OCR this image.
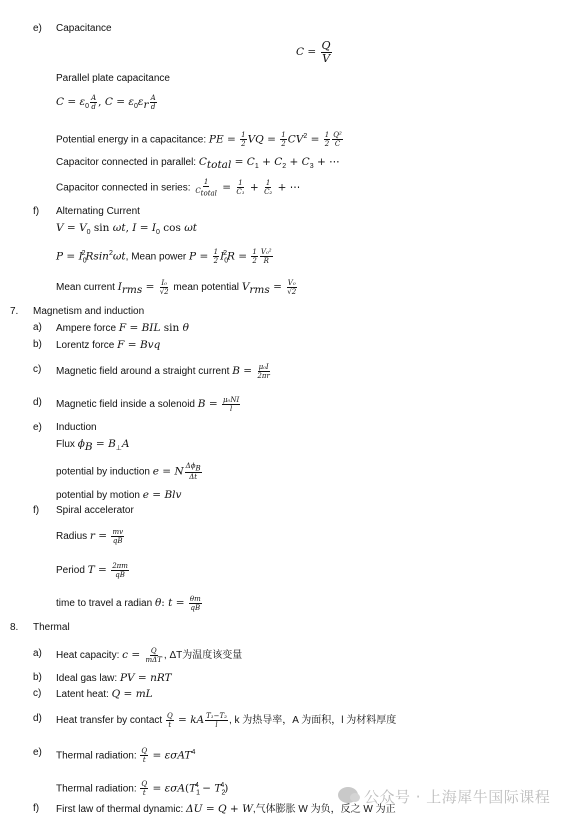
e) Capacitance
$C = \frac{Q}{V}$
Parallel plate capacitance
$C = \varepsilon_0 \frac{A}{d}$ , $C = \varepsilon_0\varepsilon_r \frac{A}{d}$
Potential energy in a capacitance: PE = $\frac{1}{2}$ VQ = $\frac{1}{2} CV^2 = \frac{1}{2} \frac{\text{Q²}}{C}$
Capacitor connected in parallel: $C_{total} = C_1 + C_2 + C_3$ + ⋯
Capacitor connected in series: $\frac{1}{C_{total}} = \frac{1}{\text{C₁}} + \frac{1}{\text{C₂}}$ + ⋯
f) Alternating Current
$V = V_0$ sin ωt, $I = I_0$ cos ωt
$P = I_0^2Rsin^2\omega t$, Mean power $P = \frac{1}{2} I_0^2R = \frac{1}{2} \frac{\text{V₀²}}{R}$
Mean current $I_{rms} = \frac{\text{I₀}}{√2}$ mean potential $V_{rms} = \frac{\text{V₀}}{√2}$
7. Magnetism and induction
a) Ampere force F = BIL sin θ
b) Lorentz force F = Bvq
c) Magnetic field around a straight current $B = \frac{\text{μ₀I}}{2\pi r}$
d) Magnetic field inside a solenoid $B = \frac{\text{μ₀NI}}{l}$
e) Induction
Flux $\phi_B = B_\perp A$
potential by induction e = N $\frac{\Delta\phi_B}{\Delta t}$
potential by motion e = Blv
f) Spiral accelerator
Radius $r = \frac{mv}{qB}$
Period $T = \frac{2\pi m}{qB}$
time to travel a radian θ: $t = \frac{\theta m}{qB}$
8. Thermal
a) Heat capacity: $c = \frac{Q}{\text{mΔT}}$ , ΔT为温度该变量
b) Ideal gas law: PV = nRT
c) Latent heat: Q = mL
d) Heat transfer by contact $\frac{Q}{t}$ = kA $\frac{\text{T₁−T₂}}{l}$ , k 为热导率，A 为面积，l 为材料厚度
e) Thermal radiation: $\frac{Q}{t} = \varepsilon\sigma AT^4$
Thermal radiation: $\frac{Q}{t} = \varepsilon\sigma A(T_1^4 - T_2^4)$
f) First law of thermal dynamic: ΔU = Q + W,气体膨胀 W 为负，反之 W 为正
公众号 · 上海犀牛国际课程
